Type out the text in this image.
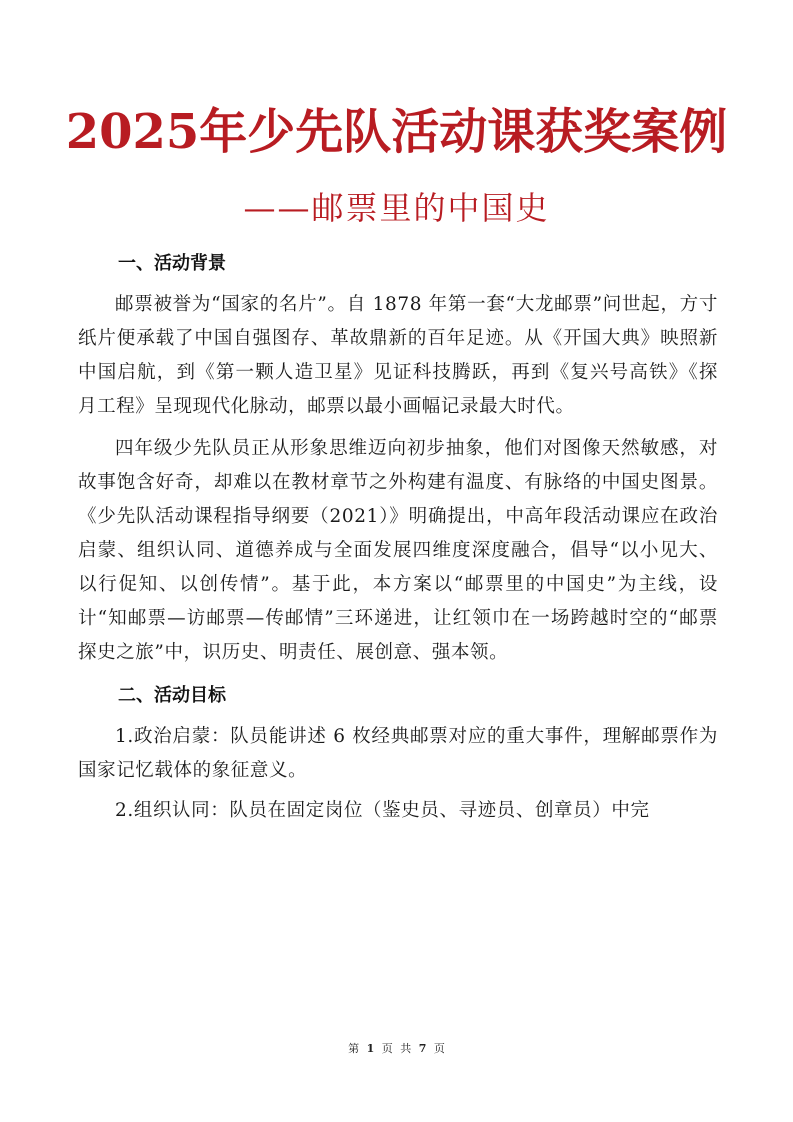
2025年少先队活动课获奖案例
——邮票里的中国史
一、活动背景

邮票被誉为“国家的名片”。自 1878 年第一套“大龙邮票”问世起，方寸纸片便承载了中国自强图存、革故鼎新的百年足迹。从《开国大典》映照新中国启航，到《第一颗人造卫星》见证科技腾跃，再到《复兴号高铁》《探月工程》呈现现代化脉动，邮票以最小画幅记录最大时代。

四年级少先队员正从形象思维迈向初步抽象，他们对图像天然敏感，对故事饱含好奇，却难以在教材章节之外构建有温度、有脉络的中国史图景。《少先队活动课程指导纲要（2021）》明确提出，中高年段活动课应在政治启蒙、组织认同、道德养成与全面发展四维度深度融合，倡导“以小见大、以行促知、以创传情”。基于此，本方案以“邮票里的中国史”为主线，设计“知邮票—访邮票—传邮情”三环递进，让红领巾在一场跨越时空的“邮票探史之旅”中，识历史、明责任、展创意、强本领。

二、活动目标

1.政治启蒙：队员能讲述 6 枚经典邮票对应的重大事件，理解邮票作为国家记忆载体的象征意义。

2.组织认同：队员在固定岗位（鉴史员、寻迹员、创章员）中完

第 1 页 共 7 页
